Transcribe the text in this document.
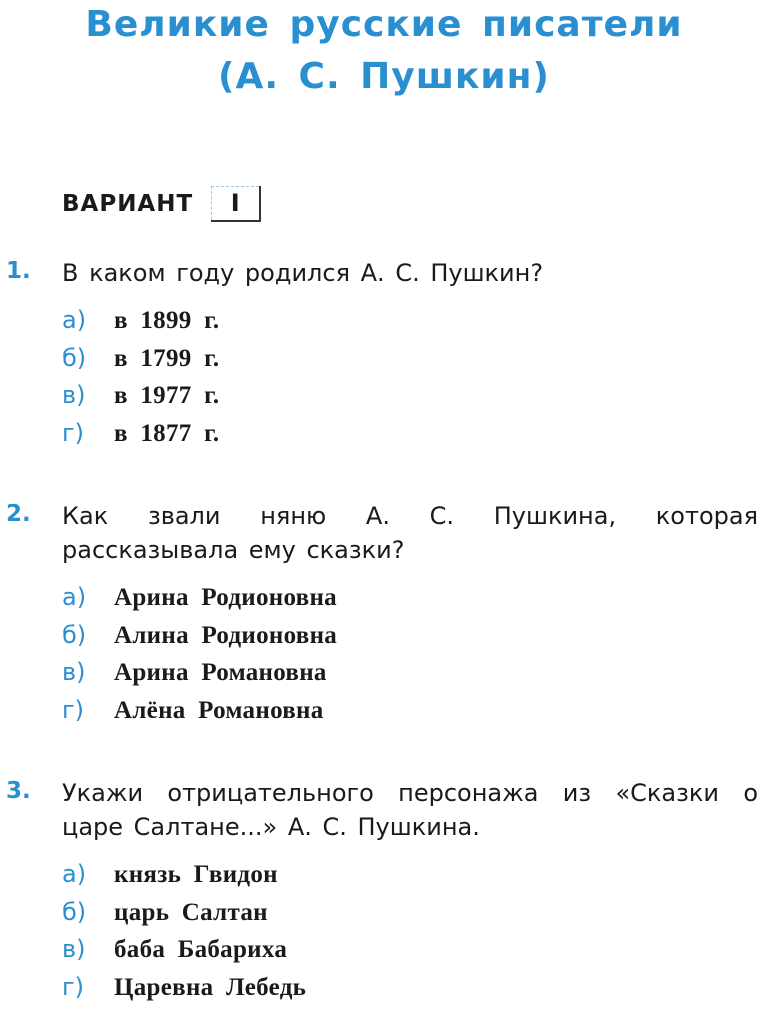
Великие русские писатели
(А. С. Пушкин)
ВАРИАНТ	I
1. В каком году родился А. С. Пушкин?
а)	в 1899 г.
б)	в 1799 г.
в)	в 1977 г.
г)	в 1877 г.
2. Как звали няню А. С. Пушкина, которая рассказывала ему сказки?
а)	Арина Родионовна
б)	Алина Родионовна
в)	Арина Романовна
г)	Алёна Романовна
3. Укажи отрицательного персонажа из «Сказки о царе Салтане...» А. С. Пушкина.
а)	князь Гвидон
б)	царь Салтан
в)	баба Бабариха
г)	Царевна Лебедь
